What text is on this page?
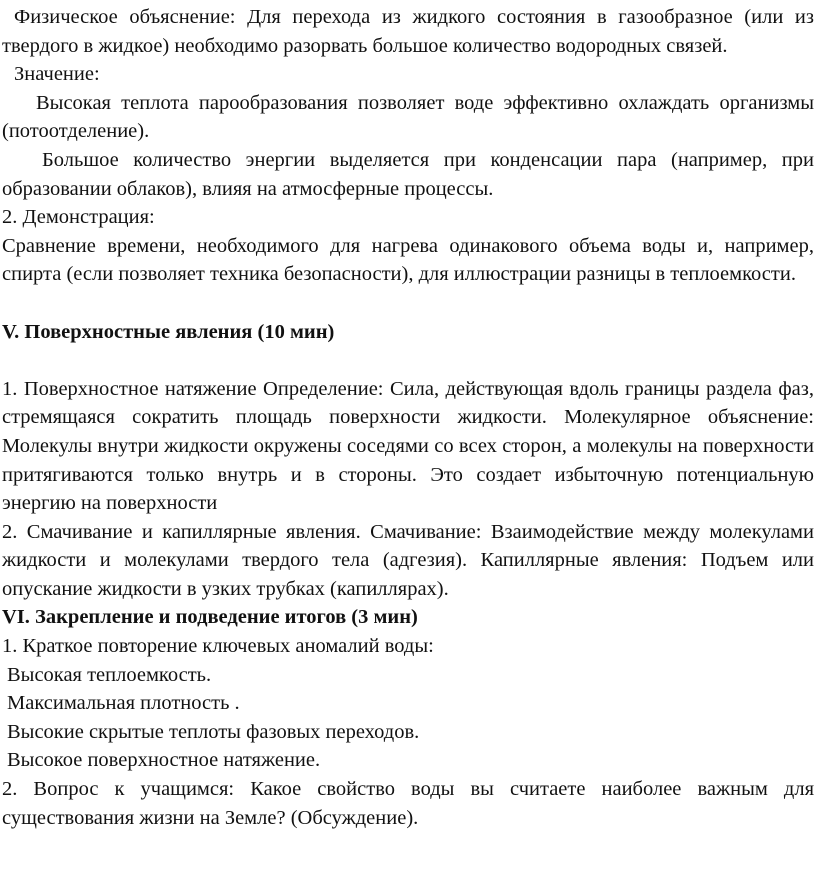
Физическое объяснение: Для перехода из жидкого состояния в газообразное (или из твердого в жидкое) необходимо разорвать большое количество водородных связей.

Значение:

Высокая теплота парообразования позволяет воде эффективно охлаждать организмы (потоотделение).

Большое количество энергии выделяется при конденсации пара (например, при образовании облаков), влияя на атмосферные процессы.

2. Демонстрация:

Сравнение времени, необходимого для нагрева одинакового объема воды и, например, спирта (если позволяет техника безопасности), для иллюстрации разницы в теплоемкости.

V. Поверхностные явления (10 мин)

1. Поверхностное натяжение Определение: Сила, действующая вдоль границы раздела фаз, стремящаяся сократить площадь поверхности жидкости. Молекулярное объяснение: Молекулы внутри жидкости окружены соседями со всех сторон, а молекулы на поверхности притягиваются только внутрь и в стороны. Это создает избыточную потенциальную энергию на поверхности

2. Смачивание и капиллярные явления. Смачивание: Взаимодействие между молекулами жидкости и молекулами твердого тела (адгезия). Капиллярные явления: Подъем или опускание жидкости в узких трубках (капиллярах).

VI. Закрепление и подведение итогов (3 мин)

1. Краткое повторение ключевых аномалий воды:

Высокая теплоемкость.

Максимальная плотность .

Высокие скрытые теплоты фазовых переходов.

Высокое поверхностное натяжение.

2. Вопрос к учащимся: Какое свойство воды вы считаете наиболее важным для существования жизни на Земле? (Обсуждение).
